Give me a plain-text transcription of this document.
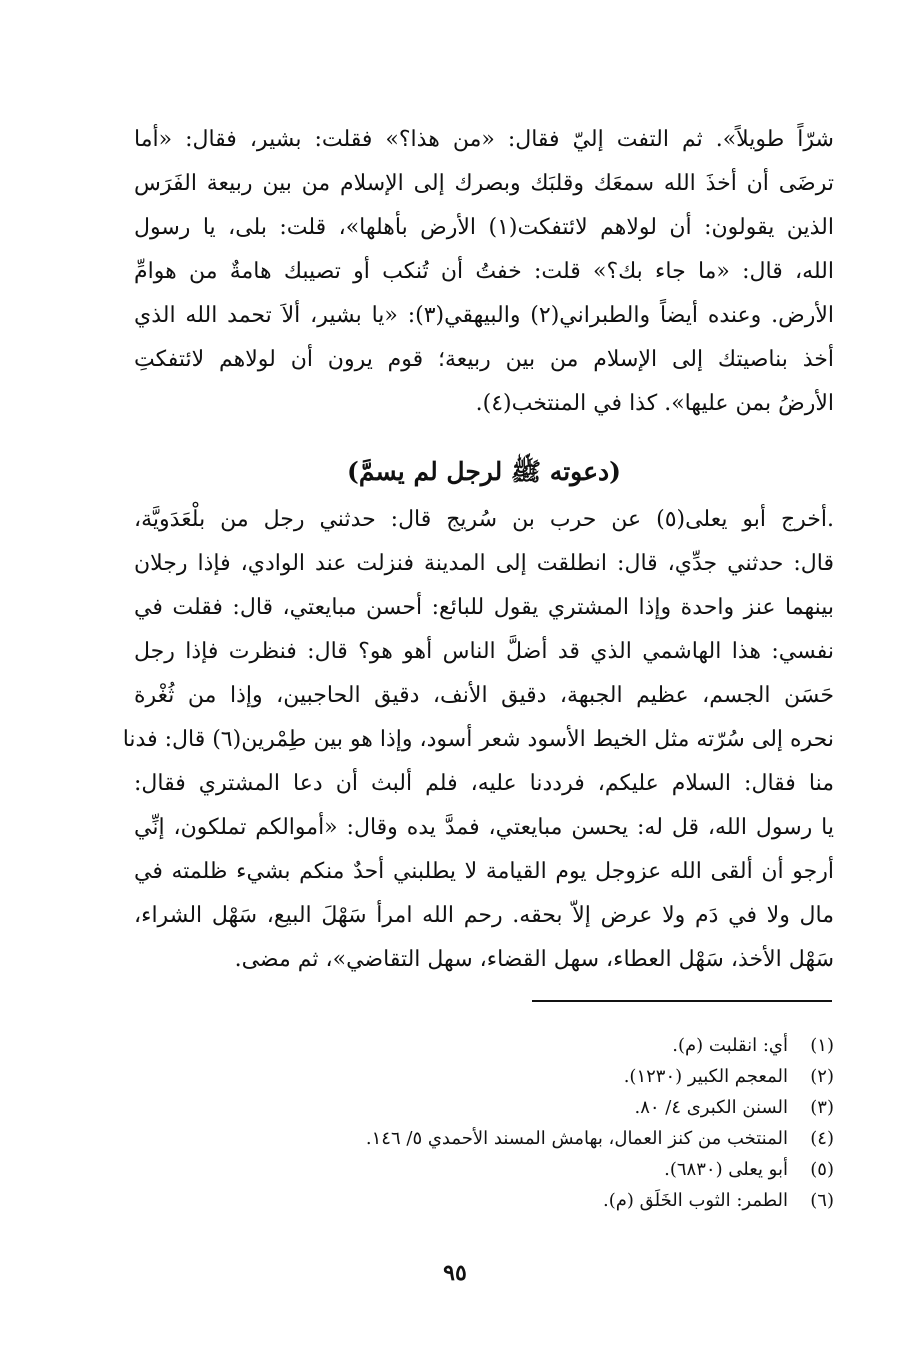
شرّاً طويلاً». ثم التفت إليّ فقال: «من هذا؟» فقلت: بشير، فقال: «أما
ترضَى أن أخذَ الله سمعَك وقلبَك وبصرك إلى الإسلام من بين ربيعة الفَرَس
الذين يقولون: أن لولاهم لائتفكت(١) الأرض بأهلها»، قلت: بلى، يا رسول
الله، قال: «ما جاء بك؟» قلت: خفتُ أن تُنكب أو تصيبك هامةٌ من هوامِّ
الأرض. وعنده أيضاً والطبراني(٢) والبيهقي(٣): «يا بشير، ألاَ تحمد الله الذي
أخذ بناصيتك إلى الإسلام من بين ربيعة؛ قوم يرون أن لولاهم لائتفكتِ
الأرضُ بمن عليها». كذا في المنتخب(٤).
(دعوته ﷺ لرجل لم يسمَّ)
.أخرج أبو يعلى(٥) عن حرب بن سُريج قال: حدثني رجل من بلْعَدَويَّة،
قال: حدثني جدِّي، قال: انطلقت إلى المدينة فنزلت عند الوادي، فإذا رجلان
بينهما عنز واحدة وإذا المشتري يقول للبائع: أحسن مبايعتي، قال: فقلت في
نفسي: هذا الهاشمي الذي قد أضلَّ الناس أهو هو؟ قال: فنظرت فإذا رجل
حَسَن الجسم، عظيم الجبهة، دقيق الأنف، دقيق الحاجبين، وإذا من ثُغْرة
نحره إلى سُرّته مثل الخيط الأسود شعر أسود، وإذا هو بين طِمْرين(٦) قال: فدنا
منا فقال: السلام عليكم، فرددنا عليه، فلم ألبث أن دعا المشتري فقال:
يا رسول الله، قل له: يحسن مبايعتي، فمدَّ يده وقال: «أموالكم تملكون، إنِّي
أرجو أن ألقى الله عزوجل يوم القيامة لا يطلبني أحدٌ منكم بشيء ظلمته في
مال ولا في دَم ولا عرض إلاّ بحقه. رحم الله امرأ سَهْلَ البيع، سَهْل الشراء،
سَهْل الأخذ، سَهْل العطاء، سهل القضاء، سهل التقاضي»، ثم مضى.
(١)
أي: انقلبت (م).
(٢)
المعجم الكبير (١٢٣٠).
(٣)
السنن الكبرى ٤/ ٨٠.
(٤)
المنتخب من كنز العمال، بهامش المسند الأحمدي ٥/ ١٤٦.
(٥)
أبو يعلى (٦٨٣٠).
(٦)
الطمر: الثوب الخَلَق (م).
٩٥
